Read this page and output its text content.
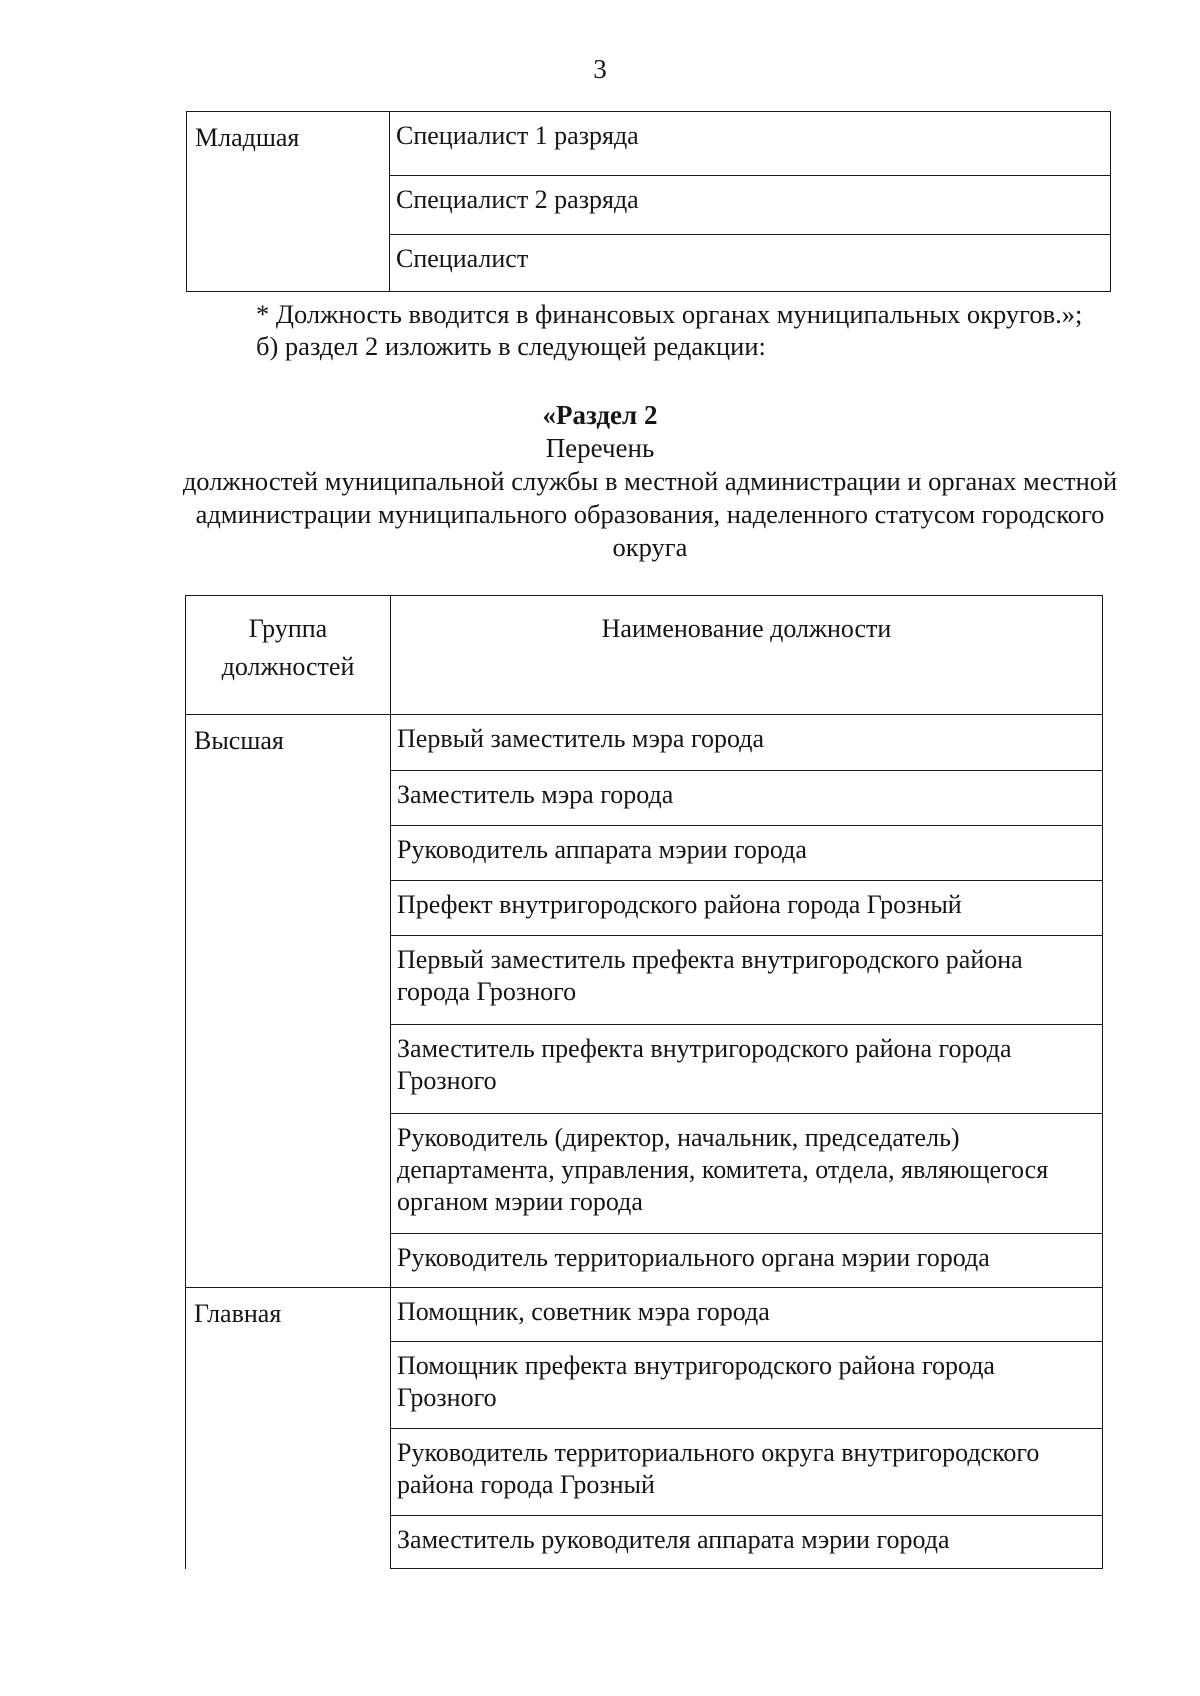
3
Младшая	Специалист 1 разряда
Специалист 2 разряда
Специалист
* Должность вводится в финансовых органах муниципальных округов.»;
б) раздел 2 изложить в следующей редакции:
«Раздел 2
Перечень
должностей муниципальной службы в местной администрации и органах местной администрации муниципального образования, наделенного статусом городского округа
Группа должностей	Наименование должности
Высшая	Первый заместитель мэра города
	Заместитель мэра города
	Руководитель аппарата мэрии города
	Префект внутригородского района города Грозный
	Первый заместитель префекта внутригородского района города Грозного
	Заместитель префекта внутригородского района города Грозного
	Руководитель (директор, начальник, председатель) департамента, управления, комитета, отдела, являющегося органом мэрии города
	Руководитель территориального органа мэрии города
Главная	Помощник, советник мэра города
	Помощник префекта внутригородского района города Грозного
	Руководитель территориального округа внутригородского района города Грозный
	Заместитель руководителя аппарата мэрии города
